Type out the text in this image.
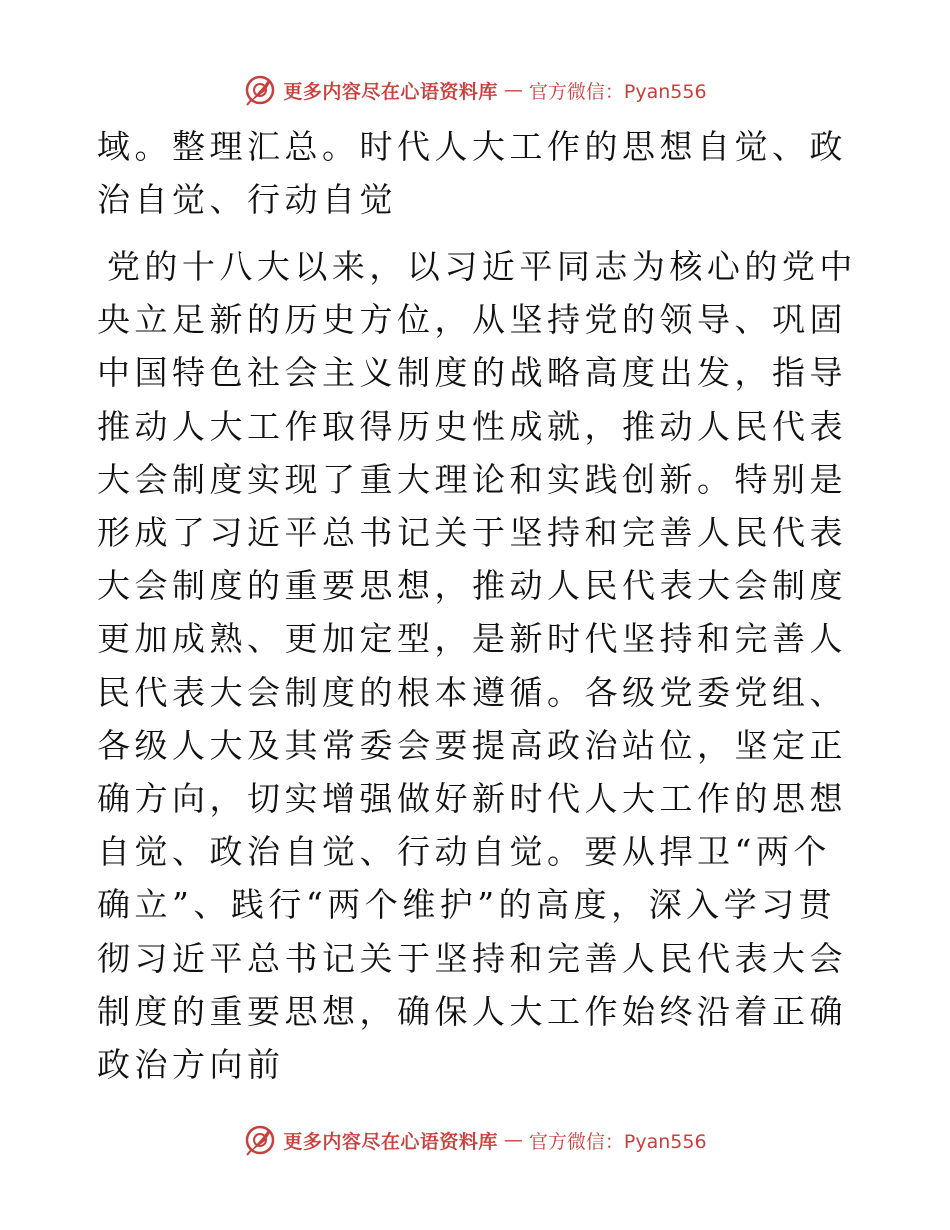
更多内容尽在心语资料库 — 官方微信：Pyan556

域。整理汇总。时代人大工作的思想自觉、政治自觉、行动自觉

党的十八大以来，以习近平同志为核心的党中央立足新的历史方位，从坚持党的领导、巩固中国特色社会主义制度的战略高度出发，指导推动人大工作取得历史性成就，推动人民代表大会制度实现了重大理论和实践创新。特别是形成了习近平总书记关于坚持和完善人民代表大会制度的重要思想，推动人民代表大会制度更加成熟、更加定型，是新时代坚持和完善人民代表大会制度的根本遵循。各级党委党组、各级人大及其常委会要提高政治站位，坚定正确方向，切实增强做好新时代人大工作的思想自觉、政治自觉、行动自觉。要从捍卫“两个确立”、践行“两个维护”的高度，深入学习贯彻习近平总书记关于坚持和完善人民代表大会制度的重要思想，确保人大工作始终沿着正确政治方向前

更多内容尽在心语资料库 — 官方微信：Pyan556
